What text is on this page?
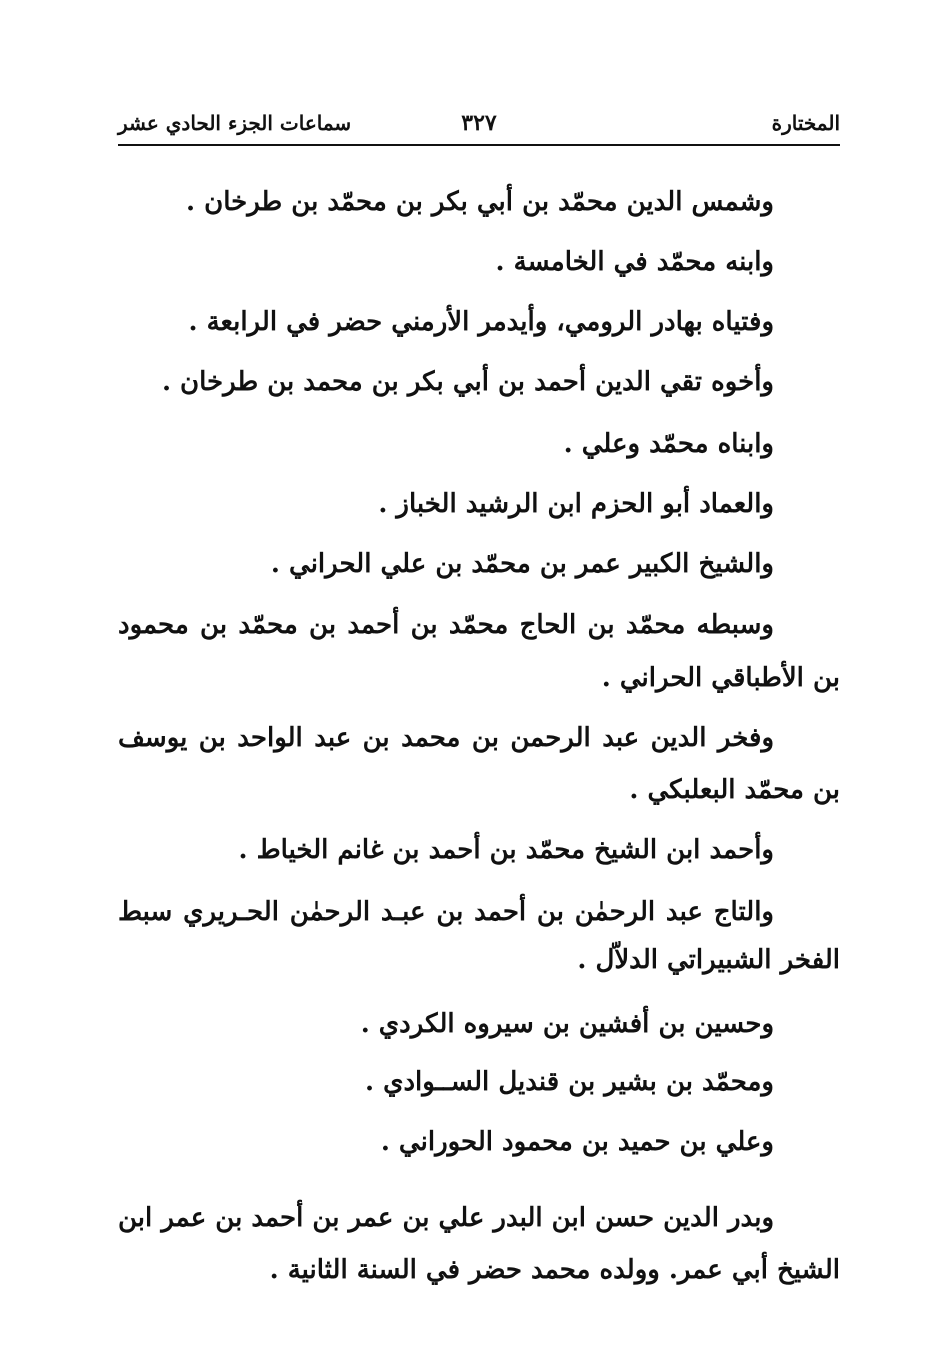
المختارة
٣٢٧
سماعات الجزء الحادي عشر
وشمس الدين محمّد بن أبي بكر بن محمّد بن طرخان .
وابنه محمّد في الخامسة .
وفتياه بهادر الرومي، وأيدمر الأرمني حضر في الرابعة .
وأخوه تقي الدين أحمد بن أبي بكر بن محمد بن طرخان .
وابناه محمّد وعلي .
والعماد أبو الحزم ابن الرشيد الخباز .
والشيخ الكبير عمر بن محمّد بن علي الحراني .
وسبطه محمّد بن الحاج محمّد بن أحمد بن محمّد بن محمود
بن الأطباقي الحراني .
وفخر الدين عبد الرحمن بن محمد بن عبد الواحد بن يوسف
بن محمّد البعلبكي .
وأحمد ابن الشيخ محمّد بن أحمد بن غانم الخياط .
والتاج عبد الرحمٰن بن أحمد بن عبـد الرحمٰن الحـريري سبط
الفخر الشبيراتي الدلاّل .
وحسين بن أفشين بن سيروه الكردي .
ومحمّد بن بشير بن قنديل الســوادي .
وعلي بن حميد بن محمود الحوراني .
وبدر الدين حسن ابن البدر علي بن عمر بن أحمد بن عمر ابن
الشيخ أبي عمر. وولده محمد حضر في السنة الثانية .
